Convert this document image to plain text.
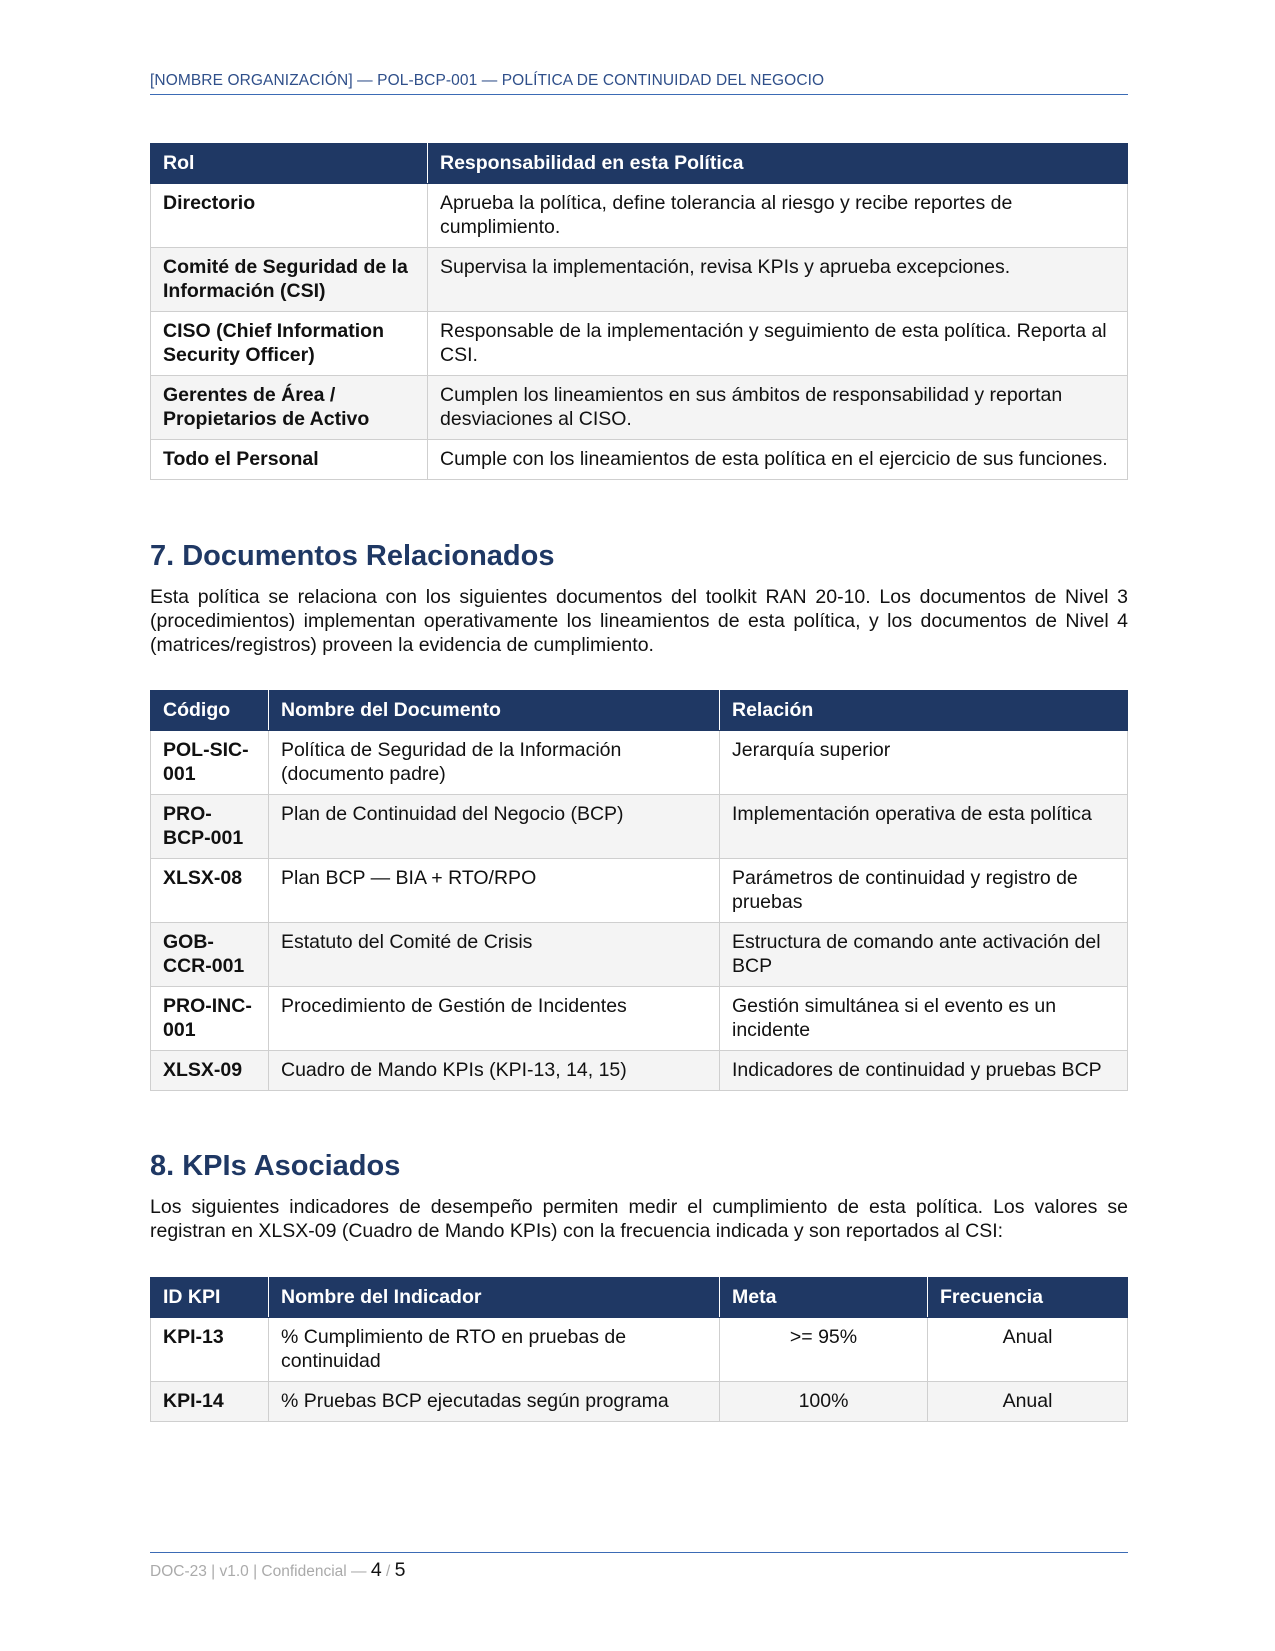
[NOMBRE ORGANIZACIÓN] — POL-BCP-001 — POLÍTICA DE CONTINUIDAD DEL NEGOCIO
Rol	Responsabilidad en esta Política
Directorio	Aprueba la política, define tolerancia al riesgo y recibe reportes de cumplimiento.
Comité de Seguridad de la Información (CSI)	Supervisa la implementación, revisa KPIs y aprueba excepciones.
CISO (Chief Information Security Officer)	Responsable de la implementación y seguimiento de esta política. Reporta al CSI.
Gerentes de Área / Propietarios de Activo	Cumplen los lineamientos en sus ámbitos de responsabilidad y reportan desviaciones al CISO.
Todo el Personal	Cumple con los lineamientos de esta política en el ejercicio de sus funciones.
7. Documentos Relacionados

Esta política se relaciona con los siguientes documentos del toolkit RAN 20-10. Los documentos de Nivel 3 (procedimientos) implementan operativamente los lineamientos de esta política, y los documentos de Nivel 4 (matrices/registros) proveen la evidencia de cumplimiento.

Código	Nombre del Documento	Relación
POL-SIC-001	Política de Seguridad de la Información (documento padre)	Jerarquía superior
PRO-BCP-001	Plan de Continuidad del Negocio (BCP)	Implementación operativa de esta política
XLSX-08	Plan BCP — BIA + RTO/RPO	Parámetros de continuidad y registro de pruebas
GOB-CCR-001	Estatuto del Comité de Crisis	Estructura de comando ante activación del BCP
PRO-INC-001	Procedimiento de Gestión de Incidentes	Gestión simultánea si el evento es un incidente
XLSX-09	Cuadro de Mando KPIs (KPI-13, 14, 15)	Indicadores de continuidad y pruebas BCP
8. KPIs Asociados

Los siguientes indicadores de desempeño permiten medir el cumplimiento de esta política. Los valores se registran en XLSX-09 (Cuadro de Mando KPIs) con la frecuencia indicada y son reportados al CSI:

ID KPI	Nombre del Indicador	Meta	Frecuencia
KPI-13	% Cumplimiento de RTO en pruebas de continuidad	>= 95%	Anual
KPI-14	% Pruebas BCP ejecutadas según programa	100%	Anual
DOC-23 | v1.0 | Confidencial — 4 / 5
